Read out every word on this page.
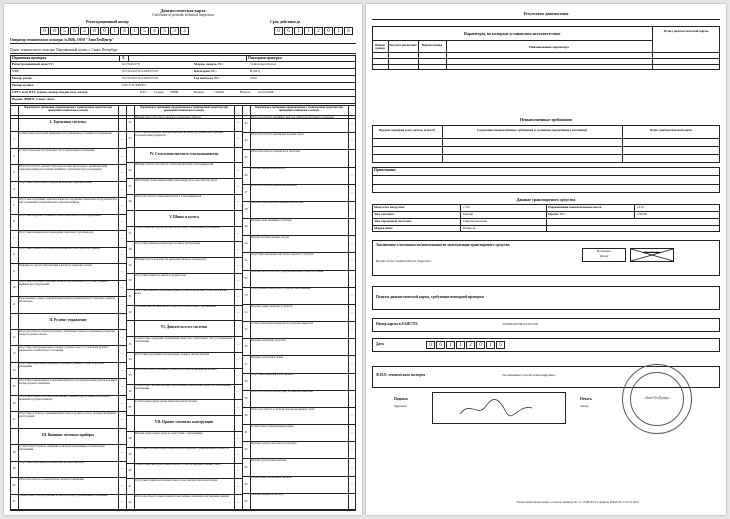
Диагностическая карта
Certificate of periodic technical inspection
Регистрационный номер	Срок действия до
Оператор технического осмотра: №0656, ООО "АвтоТехЦентр"
Пункт технического осмотра: Передвижной пункт, г. Санкт-Петербург
Первичная проверка	X	Повторная проверка
Регистрационный знак ТС:	О175ОО178	Марка, модель ТС:	Volkswagen Passat
VIN:	WVWZZZ3CZAE037019	Категория ТС:	B (M1)
Номер рамы:	WVWZZZ3CZAE037019	Год выпуска ТС:	2010
Номер кузова:	ОТСУТСТВУЕТ
СРТС или ПТС (серия, номер, выдан кем, когда):	ПТС Серия: 78НВ	Номер:	144032	Выдан: 22.04.2008
Выдан: ФФПС Санкт-Авто
0	8	5	6	2	8	0	1	4	1	5	4	5	3	3	0	6	1	1	2	0	1	6
Параметры и требования, предъявляемые к транспортным средствам при проведении технического осмотра
I. Тормозные системы
1
Соответствие показателей эффективности торможения и устойчивости торможения
—
2
Соответствие разности тормозных сил установленным требованиям
—
3
Работоспособность рабочей тормозной системы автопоездов с пневматическим тормозным приводом в режиме аварийного (автоматического) торможения
—
4
Отсутствие утечек сжатого воздуха из колесных тормозных камер
—
5
Отсутствие подтеканий тормозной жидкости, нарушения герметичности трубопроводов или соединений в гидравлическом тормозном приводе
—
6
Отсутствие коррозии, грозящей потерей герметичности или разрушением
—
7
Отсутствие механических повреждений тормозных трубопроводов
—
8
Отсутствие трещин остаточной деформации деталей тормозного привода
—
9
Исправность средств сигнализации и контроля тормозных систем
—
10
Отсутствие набухания тормозных шлангов под давлением, отсутствие трещин и видимых мест перетирания
—
11
Расположение и длина соединительных шлангов пневматического тормозного привода автопоездов
—
II. Рулевое управление
12
Работоспособность усилителя рулевого управления. Плавность изменения усилия при повороте рулевого колеса
—
13
Отсутствие самопроизвольного поворота рулевого колеса с усилителем рулевого управления от нейтрального положения
—
14
Отсутствие превышения предельных значений суммарного люфта в рулевом управлении
—
15
Отсутствие повреждения и полная комплектность деталей крепления рулевой колонки и картера рулевого механизма
—
16
Отсутствие следов остаточной деформации, трещин и других дефектов в рулевом механизме и рулевом приводе
—
17
Отсутствие устройств, ограничивающих поворот рулевого колеса, не предусмотренных конструкцией
—
III. Внешние световые приборы
18
Соответствие устройств освещения и световой сигнализации установленным требованиям
—
19
Отсутствие разрушений рассеивателей световых приборов
—
20
Работоспособность и режим работы сигналов торможения
—
21
Соответствие углов регулировки и силы света фар установленным требованиям
—
Параметры и требования, предъявляемые к транспортным средствам при проведении технического осмотра
22
Наличие работоспособного звукового сигнального прибора
—
23
Отсутствие на внешних световых приборах не предусмотренных конструкцией дополнительных предметов
—
IV. Стеклоочистители и стеклоомыватели
24
Наличие и работоспособность стеклоочистителей и стеклоомывателей
—
25
Обеспечение стеклоомывателями подачи жидкости в зоны очистки стекла
—
26
Работоспособность стеклоочистителей и стеклоомывателей
—
V. Шины и колеса
27
Соответствие высоты рисунка протектора шин установленным требованиям
—
28
Отсутствие признаков непригодности шин к эксплуатации
—
29
Наличие всех болтов или гаек крепления дисков и ободьев колес
—
30
Отсутствие трещин на дисках и ободьях колес
—
31
Отсутствие видимых нарушений формы и размеров крепежных отверстий в дисках колес
—
32
Установка шин на транспортное средство в соответствии с требованиями
—
VI. Двигатель и его системы
33
Соответствие содержания загрязняющих веществ в отработавших газах установленным требованиям
—
34
Отсутствие подтекания и каплепадения топлива в системе питания
—
35
Работоспособность запорных устройств и устройств перекрытия топлива
—
36
Соответствие системы питания газобаллонных транспортных средств установленным требованиям
—
37
Соответствие нормам уровня шума выпускной системы
—
VII. Прочие элементы конструкции
38
Наличие зеркал заднего вида в соответствии с требованиями
—
39
Отсутствие дополнительных предметов или покрытий, ограничивающих обзорность
—
40
Соответствие светопропускания ветрового стекла и передних боковых стекол
—
41
Отсутствие трещин на ветровом стекле в зоне очистки стеклоочистителем
—
42
Работоспособность замков дверей кузова, кабины, механизмов регулировки сидений
—
Параметры и требования, предъявляемые к транспортным средствам при проведении технического осмотра
43
Работоспособность аварийных выходов, приборов внутреннего освещения
—
44
Работоспособность механизмов подъема стекол
—
45
Работоспособность спидометра и тахографа
—
46
Наличие ремней безопасности
—
47
Работоспособность ремней безопасности
—
48
Наличие огнетушителя и медицинской аптечки
—
49
Наличие знака аварийной остановки
—
50
Наличие противооткатных упоров
—
51
Отсутствие неисправностей тягово-сцепного устройства
—
52
Наличие работоспособного предохранительного приспособления
—
53
Оборудование транспортного средства брызговиками
—
54
Наличие задних защитных устройств
—
55
Соответствие каплепадения масел и рабочих жидкостей
—
56
Надежное крепление поручней
—
57
Наличие указателей и знаков
—
58
Отсутствие изменений в конструкции
—
59
Работоспособность аппаратуры спутниковой навигации
—
60
Работоспособность устройства вызова экстренных служб
—
61
Соответствие опознавательных знаков
—
62
Наличие и работоспособность тахографа
—
63
Наличие проблесковых маячков
—
64
Соответствие специальных сигналов
—
65
Наличие сведений в паспорте
—
Результаты диагностики
Параметры, по которым установлено несоответствие	Пункт диагностической карты
Нижняя граница
Результат диагностики	Верхняя граница	Наименование параметра
Невыполненные требования
Предмет проверки (узел, деталь, агрегат)	Содержание невыполненного требования (с указанием нормативного источника)	Пункт диагностической карты
Примечания:
Данные транспортного средства
Масса без нагрузки:	1720	Разрешенная максимальная масса:	2210
Тип топлива:	Бензин	Пробег ТС:	130000
Тип тормозной системы:	Гидравлический
Марка шин:	Hankook
Заключение о возможности/невозможности эксплуатации транспортного средства
Results of the roadworthiness inspection
Возможно
Passed
Невозможно
Пункты диагностической карты, требующие повторной проверки
Номер карты в ЕАИСТО:	201606291558123101708
Дата
Ф.И.О. технического эксперта	Тютюнников Сергей Александрович
Подпись
Signature
Печать
Stamp
«АвтоТехЦентр»
Электронная печать верна, согласно приказу №7 от 13.08.2015 и приказу №ФО-93 от 05.01.2015
0	6	1	1	2	0	1	6
